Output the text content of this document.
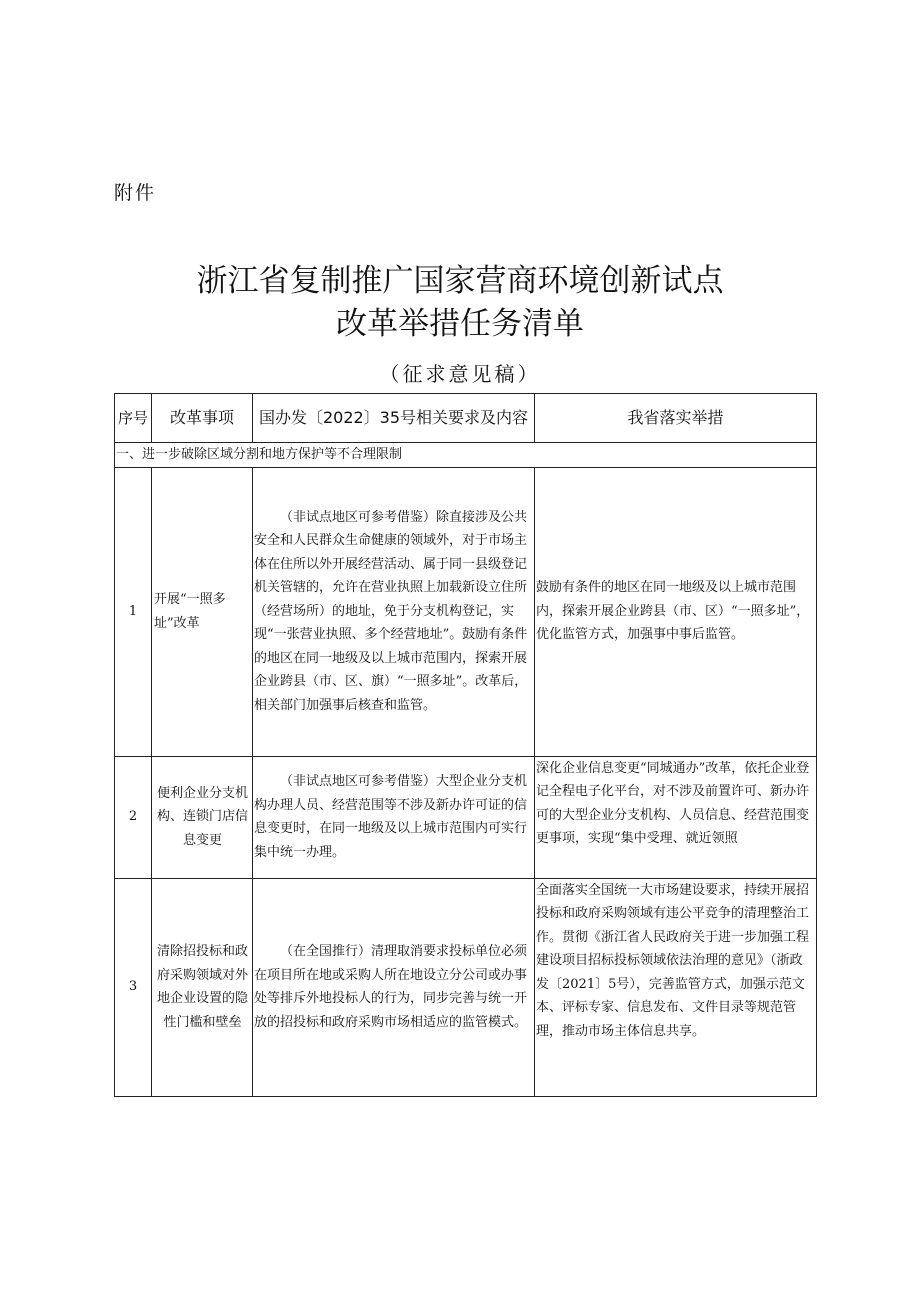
附件
浙江省复制推广国家营商环境创新试点
改革举措任务清单
（征求意见稿）
序号	改革事项	国办发〔2022〕35号相关要求及内容	我省落实举措
一、进一步破除区域分割和地方保护等不合理限制			
1	开展“一照多址”改革	（非试点地区可参考借鉴）除直接涉及公共安全和人民群众生命健康的领域外，对于市场主体在住所以外开展经营活动、属于同一县级登记机关管辖的，允许在营业执照上加载新设立住所（经营场所）的地址，免于分支机构登记，实现“一张营业执照、多个经营地址”。鼓励有条件的地区在同一地级及以上城市范围内，探索开展企业跨县（市、区、旗）“一照多址”。改革后，相关部门加强事后核查和监管。	鼓励有条件的地区在同一地级及以上城市范围内，探索开展企业跨县（市、区）“一照多址”，优化监管方式，加强事中事后监管。
2	便利企业分支机构、连锁门店信息变更	（非试点地区可参考借鉴）大型企业分支机构办理人员、经营范围等不涉及新办许可证的信息变更时，在同一地级及以上城市范围内可实行集中统一办理。	深化企业信息变更“同城通办”改革，依托企业登记全程电子化平台，对不涉及前置许可、新办许可的大型企业分支机构、人员信息、经营范围变更事项，实现“集中受理、就近领照
3	清除招投标和政府采购领域对外地企业设置的隐性门槛和壁垒	（在全国推行）清理取消要求投标单位必须在项目所在地或采购人所在地设立分公司或办事处等排斥外地投标人的行为，同步完善与统一开放的招投标和政府采购市场相适应的监管模式。	全面落实全国统一大市场建设要求，持续开展招投标和政府采购领域有违公平竞争的清理整治工作。贯彻《浙江省人民政府关于进一步加强工程建设项目招标投标领域依法治理的意见》（浙政发〔2021〕5号），完善监管方式，加强示范文本、评标专家、信息发布、文件目录等规范管理，推动市场主体信息共享。
